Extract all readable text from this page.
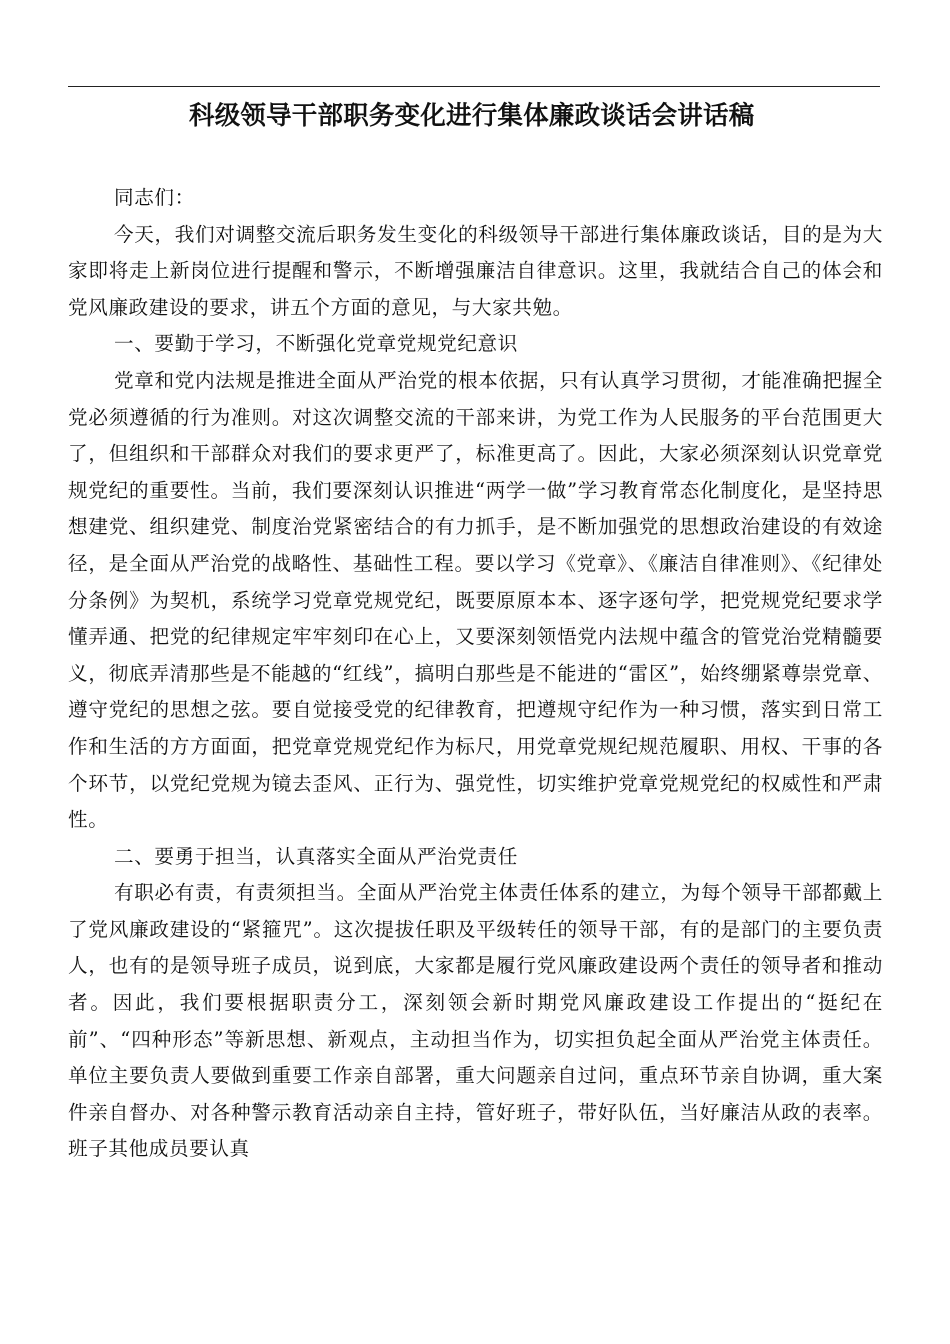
科级领导干部职务变化进行集体廉政谈话会讲话稿

同志们：

今天，我们对调整交流后职务发生变化的科级领导干部进行集体廉政谈话，目的是为大家即将走上新岗位进行提醒和警示，不断增强廉洁自律意识。这里，我就结合自己的体会和党风廉政建设的要求，讲五个方面的意见，与大家共勉。

一、要勤于学习，不断强化党章党规党纪意识

党章和党内法规是推进全面从严治党的根本依据，只有认真学习贯彻，才能准确把握全党必须遵循的行为准则。对这次调整交流的干部来讲，为党工作为人民服务的平台范围更大了，但组织和干部群众对我们的要求更严了，标准更高了。因此，大家必须深刻认识党章党规党纪的重要性。当前，我们要深刻认识推进“两学一做”学习教育常态化制度化，是坚持思想建党、组织建党、制度治党紧密结合的有力抓手，是不断加强党的思想政治建设的有效途径，是全面从严治党的战略性、基础性工程。要以学习《党章》、《廉洁自律准则》、《纪律处分条例》为契机，系统学习党章党规党纪，既要原原本本、逐字逐句学，把党规党纪要求学懂弄通、把党的纪律规定牢牢刻印在心上，又要深刻领悟党内法规中蕴含的管党治党精髓要义，彻底弄清那些是不能越的“红线”，搞明白那些是不能进的“雷区”，始终绷紧尊崇党章、遵守党纪的思想之弦。要自觉接受党的纪律教育，把遵规守纪作为一种习惯，落实到日常工作和生活的方方面面，把党章党规党纪作为标尺，用党章党规纪规范履职、用权、干事的各个环节，以党纪党规为镜去歪风、正行为、强党性，切实维护党章党规党纪的权威性和严肃性。

二、要勇于担当，认真落实全面从严治党责任

有职必有责，有责须担当。全面从严治党主体责任体系的建立，为每个领导干部都戴上了党风廉政建设的“紧箍咒”。这次提拔任职及平级转任的领导干部，有的是部门的主要负责人，也有的是领导班子成员，说到底，大家都是履行党风廉政建设两个责任的领导者和推动者。因此，我们要根据职责分工，深刻领会新时期党风廉政建设工作提出的“挺纪在前”、“四种形态”等新思想、新观点，主动担当作为，切实担负起全面从严治党主体责任。单位主要负责人要做到重要工作亲自部署，重大问题亲自过问，重点环节亲自协调，重大案件亲自督办、对各种警示教育活动亲自主持，管好班子，带好队伍，当好廉洁从政的表率。班子其他成员要认真
